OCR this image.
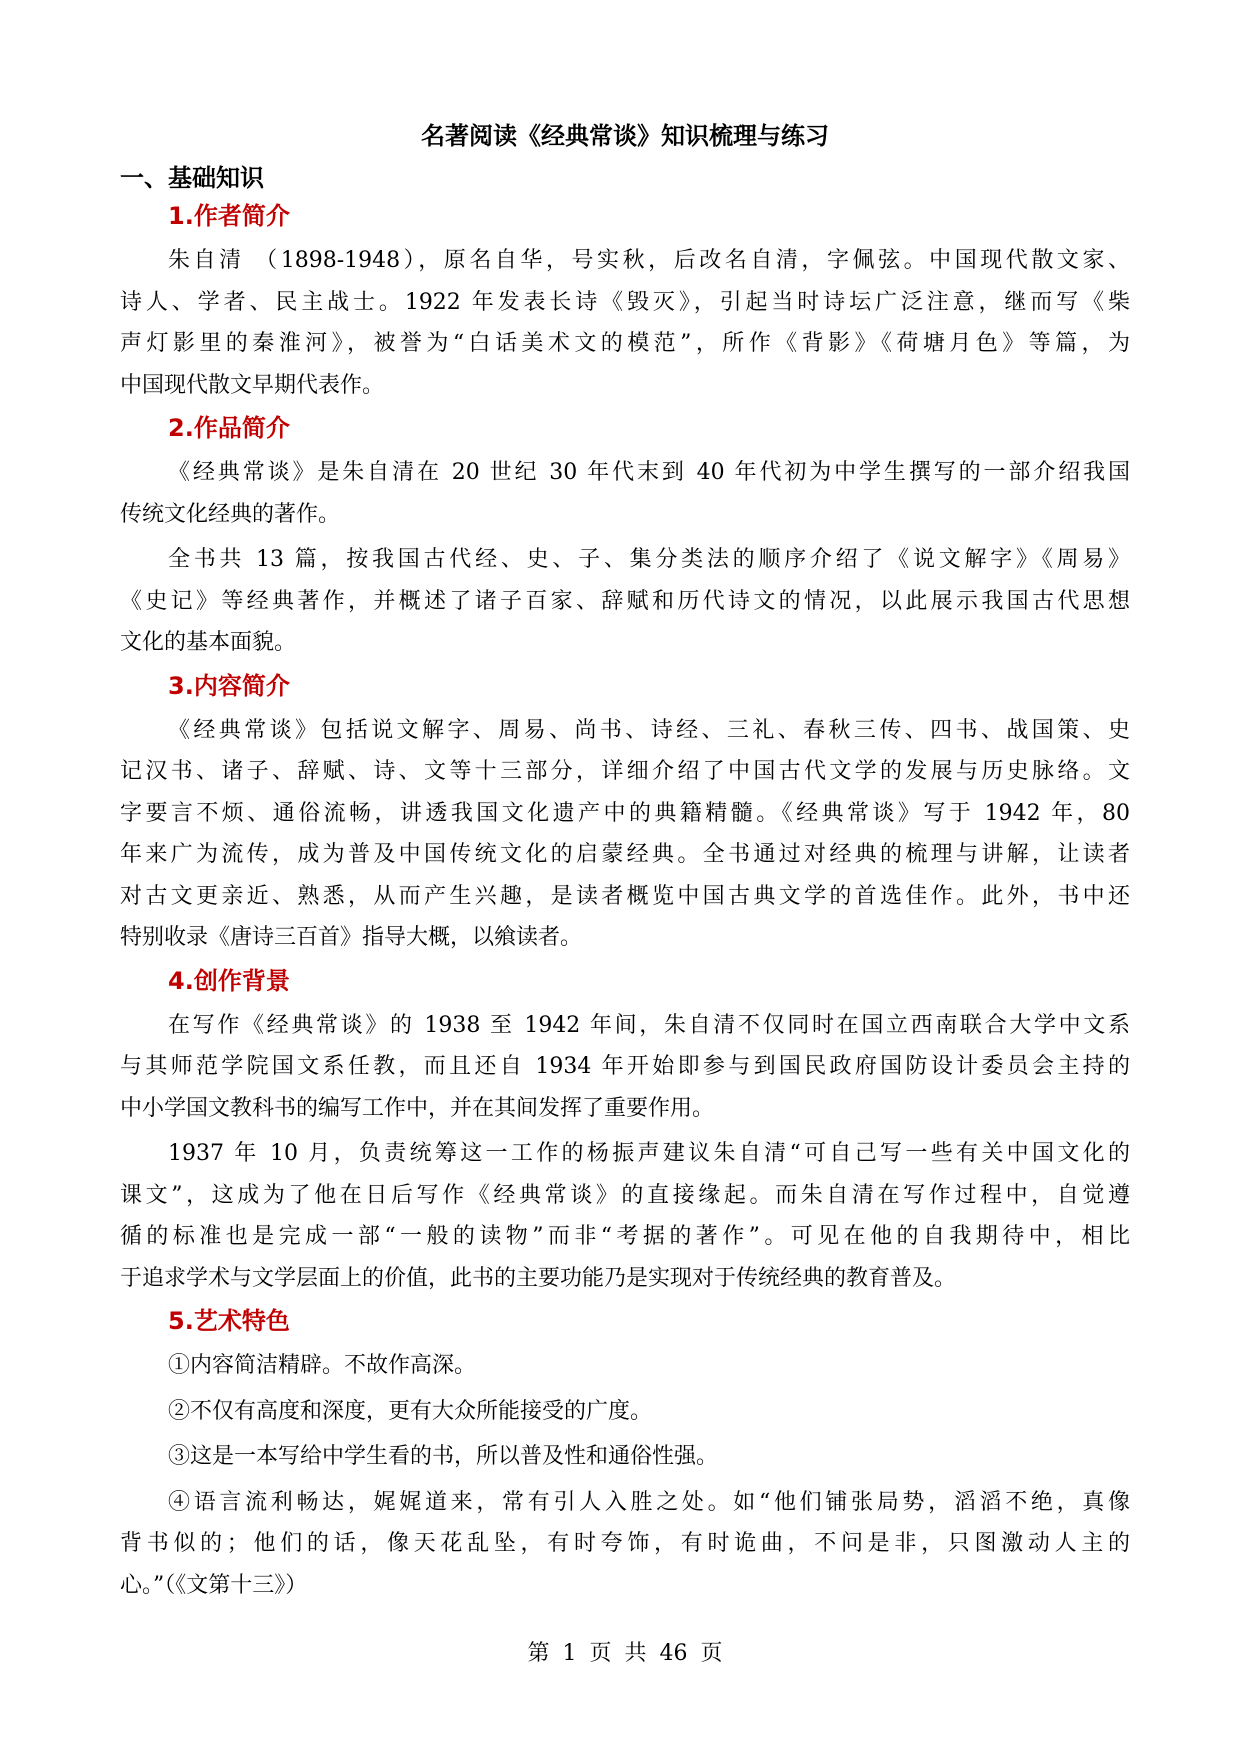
名著阅读《经典常谈》知识梳理与练习
一、基础知识
1.作者简介
朱自清 （1898-1948），原名自华，号实秋，后改名自清，字佩弦。中国现代散文家、
诗人、学者、民主战士。1922 年发表长诗《毁灭》，引起当时诗坛广泛注意，继而写《柴
声灯影里的秦淮河》，被誉为“白话美术文的模范”，所作《背影》《荷塘月色》等篇，为
中国现代散文早期代表作。
2.作品简介
《经典常谈》是朱自清在 20 世纪 30 年代末到 40 年代初为中学生撰写的一部介绍我国
传统文化经典的著作。
全书共 13 篇，按我国古代经、史、子、集分类法的顺序介绍了《说文解字》《周易》
《史记》等经典著作，并概述了诸子百家、辞赋和历代诗文的情况，以此展示我国古代思想
文化的基本面貌。
3.内容简介
《经典常谈》包括说文解字、周易、尚书、诗经、三礼、春秋三传、四书、战国策、史
记汉书、诸子、辞赋、诗、文等十三部分，详细介绍了中国古代文学的发展与历史脉络。文
字要言不烦、通俗流畅，讲透我国文化遗产中的典籍精髓。《经典常谈》写于 1942 年，80
年来广为流传，成为普及中国传统文化的启蒙经典。全书通过对经典的梳理与讲解，让读者
对古文更亲近、熟悉，从而产生兴趣，是读者概览中国古典文学的首选佳作。此外，书中还
特别收录《唐诗三百首》指导大概，以飨读者。
4.创作背景
在写作《经典常谈》的 1938 至 1942 年间，朱自清不仅同时在国立西南联合大学中文系
与其师范学院国文系任教，而且还自 1934 年开始即参与到国民政府国防设计委员会主持的
中小学国文教科书的编写工作中，并在其间发挥了重要作用。
1937 年 10 月，负责统筹这一工作的杨振声建议朱自清“可自己写一些有关中国文化的
课文”，这成为了他在日后写作《经典常谈》的直接缘起。而朱自清在写作过程中，自觉遵
循的标准也是完成一部“一般的读物”而非“考据的著作”。可见在他的自我期待中，相比
于追求学术与文学层面上的价值，此书的主要功能乃是实现对于传统经典的教育普及。
5.艺术特色
①内容简洁精辟。不故作高深。
②不仅有高度和深度，更有大众所能接受的广度。
③这是一本写给中学生看的书，所以普及性和通俗性强。
④语言流利畅达，娓娓道来，常有引人入胜之处。如“他们铺张局势，滔滔不绝，真像
背书似的；他们的话，像天花乱坠，有时夸饰，有时诡曲，不问是非，只图激动人主的
心。”（《文第十三》）
第 1 页 共 46 页
